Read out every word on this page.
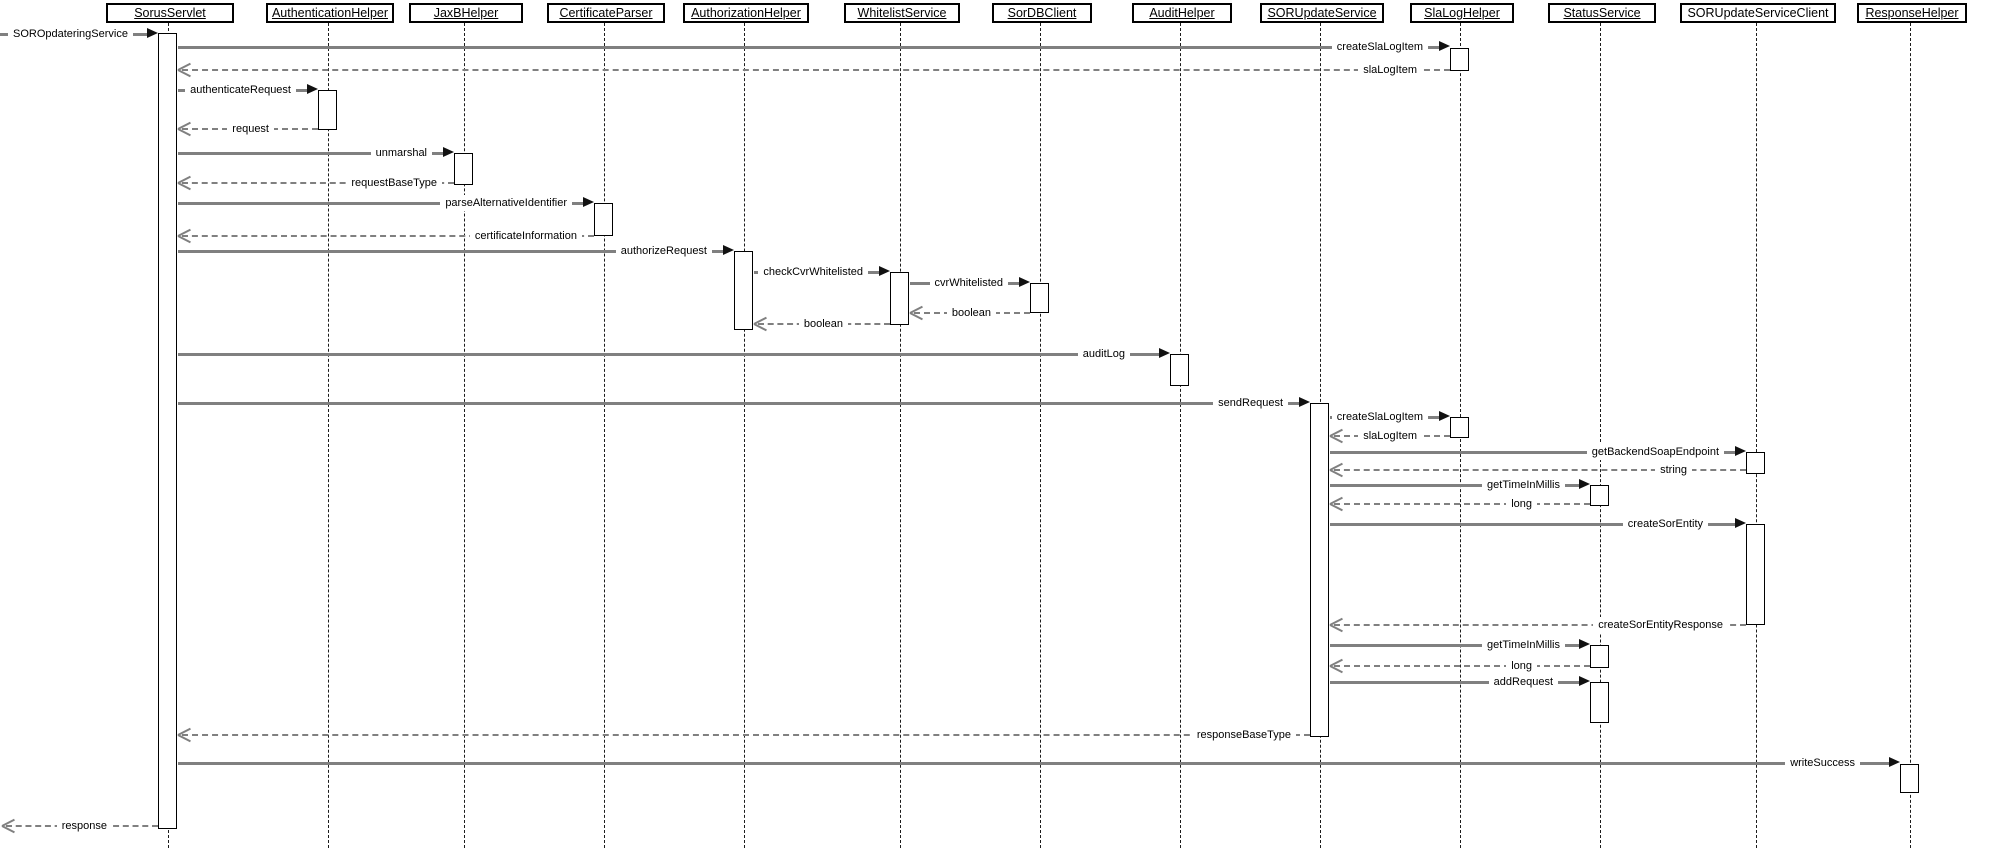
SorusServlet	AuthenticationHelper	JaxBHelper	CertificateParser	AuthorizationHelper	WhitelistService	SorDBClient	AuditHelper	SORUpdateService	SlaLogHelper	StatusService	SORUpdateServiceClient	ResponseHelper
SOROpdateringService
createSlaLogItem
slaLogItem
authenticateRequest
request
unmarshal
requestBaseType
parseAlternativeIdentifier
certificateInformation
authorizeRequest
checkCvrWhitelisted
cvrWhitelisted
boolean
boolean
auditLog
sendRequest
createSlaLogItem
slaLogItem
getBackendSoapEndpoint
string
getTimeInMillis
long
createSorEntity
createSorEntityResponse
getTimeInMillis
long
addRequest
responseBaseType
writeSuccess
response
